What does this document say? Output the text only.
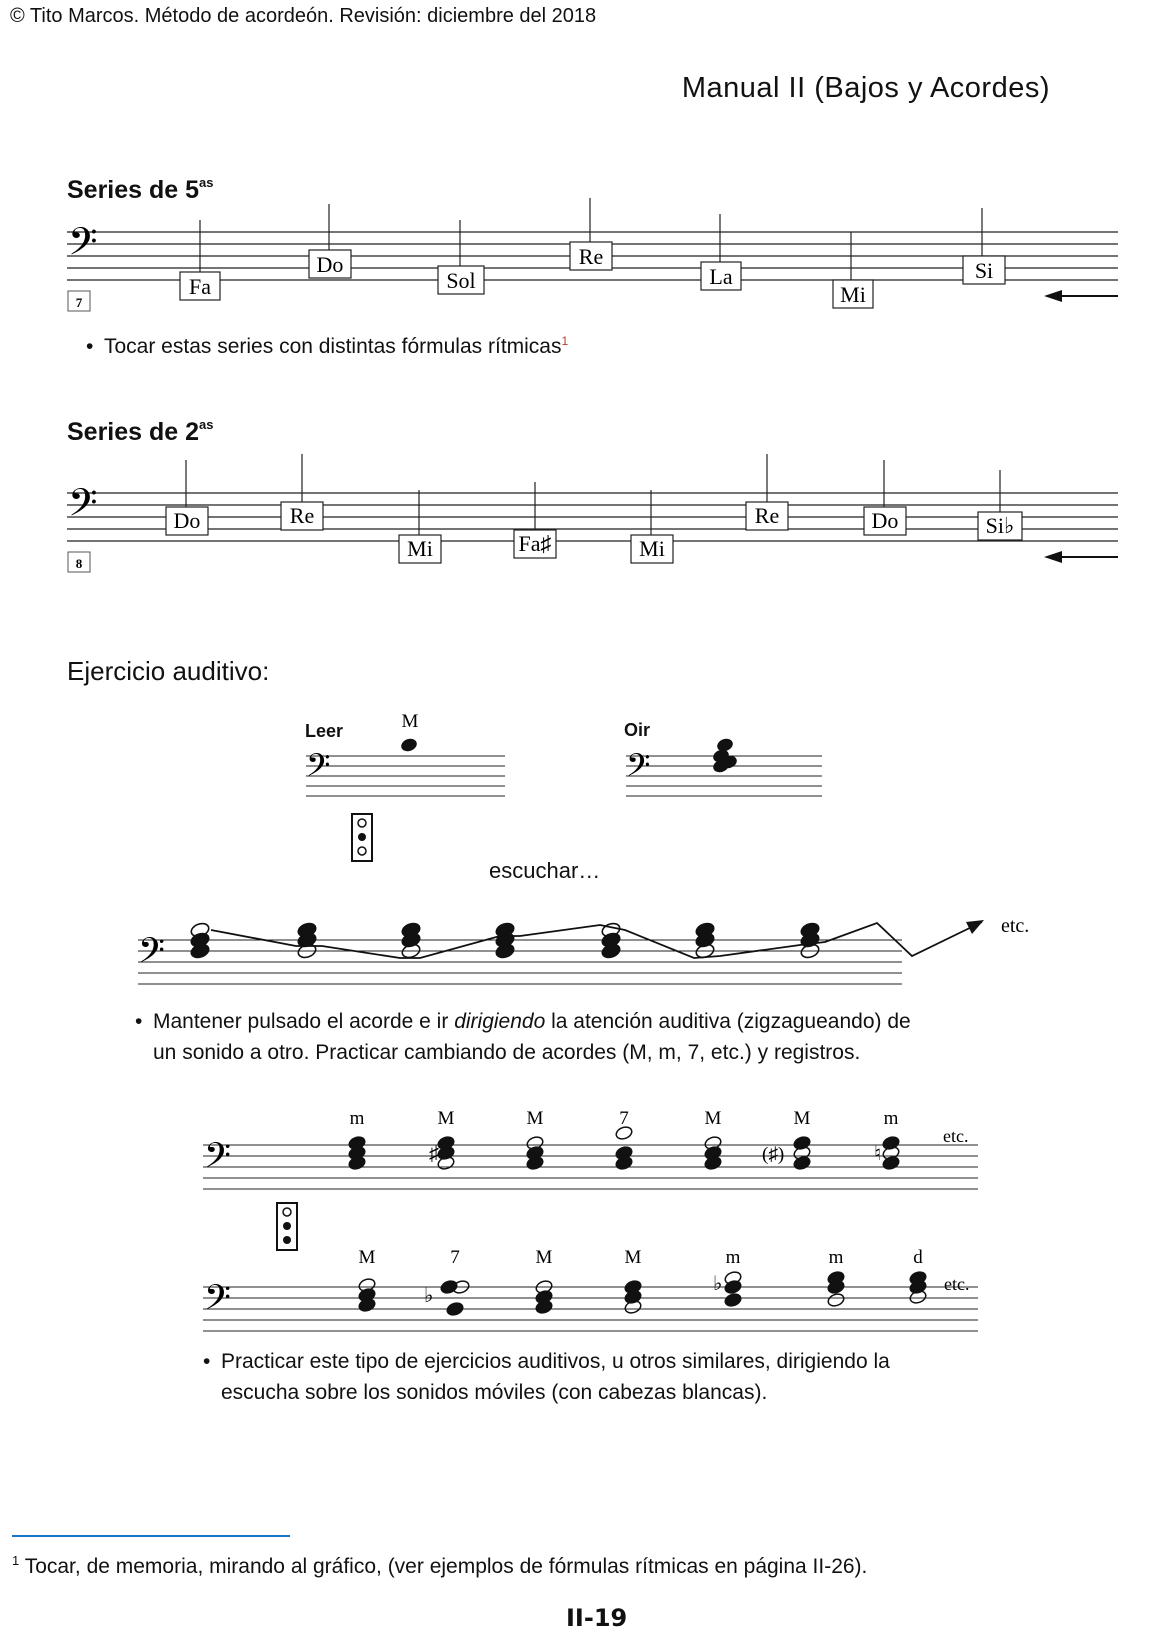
© Tito Marcos. Método de acordeón. Revisión: diciembre del 2018
Manual II (Bajos y Acordes)
Series de $5^{as}$
𝄢
Fa
Do
Sol
Re
La
Mi
Si
7
𝄢	Do	Re
Mi	Fa♯	Mi
Re	Do	Si♭
8
𝄢
M
𝄢
𝄢
etc.
𝄢
m	M	M	7	M	M	m
♯	(♯)	♮
etc.
𝄢
M	7	M	M	m	m	d
♭
♭	etc.
• Tocar estas series con distintas fórmulas rítmicas$^1$
Series de $2^{as}$
Ejercicio auditivo:
Leer	Oir
escuchar…
• Mantener pulsado el acorde e ir dirigiendo la atención auditiva (zigzagueando) de
un sonido a otro. Practicar cambiando de acordes (M, m, 7, etc.) y registros.
• Practicar este tipo de ejercicios auditivos, u otros similares, dirigiendo la
escucha sobre los sonidos móviles (con cabezas blancas).
$^1$ Tocar, de memoria, mirando al gráfico, (ver ejemplos de fórmulas rítmicas en página II-26).
II-19
